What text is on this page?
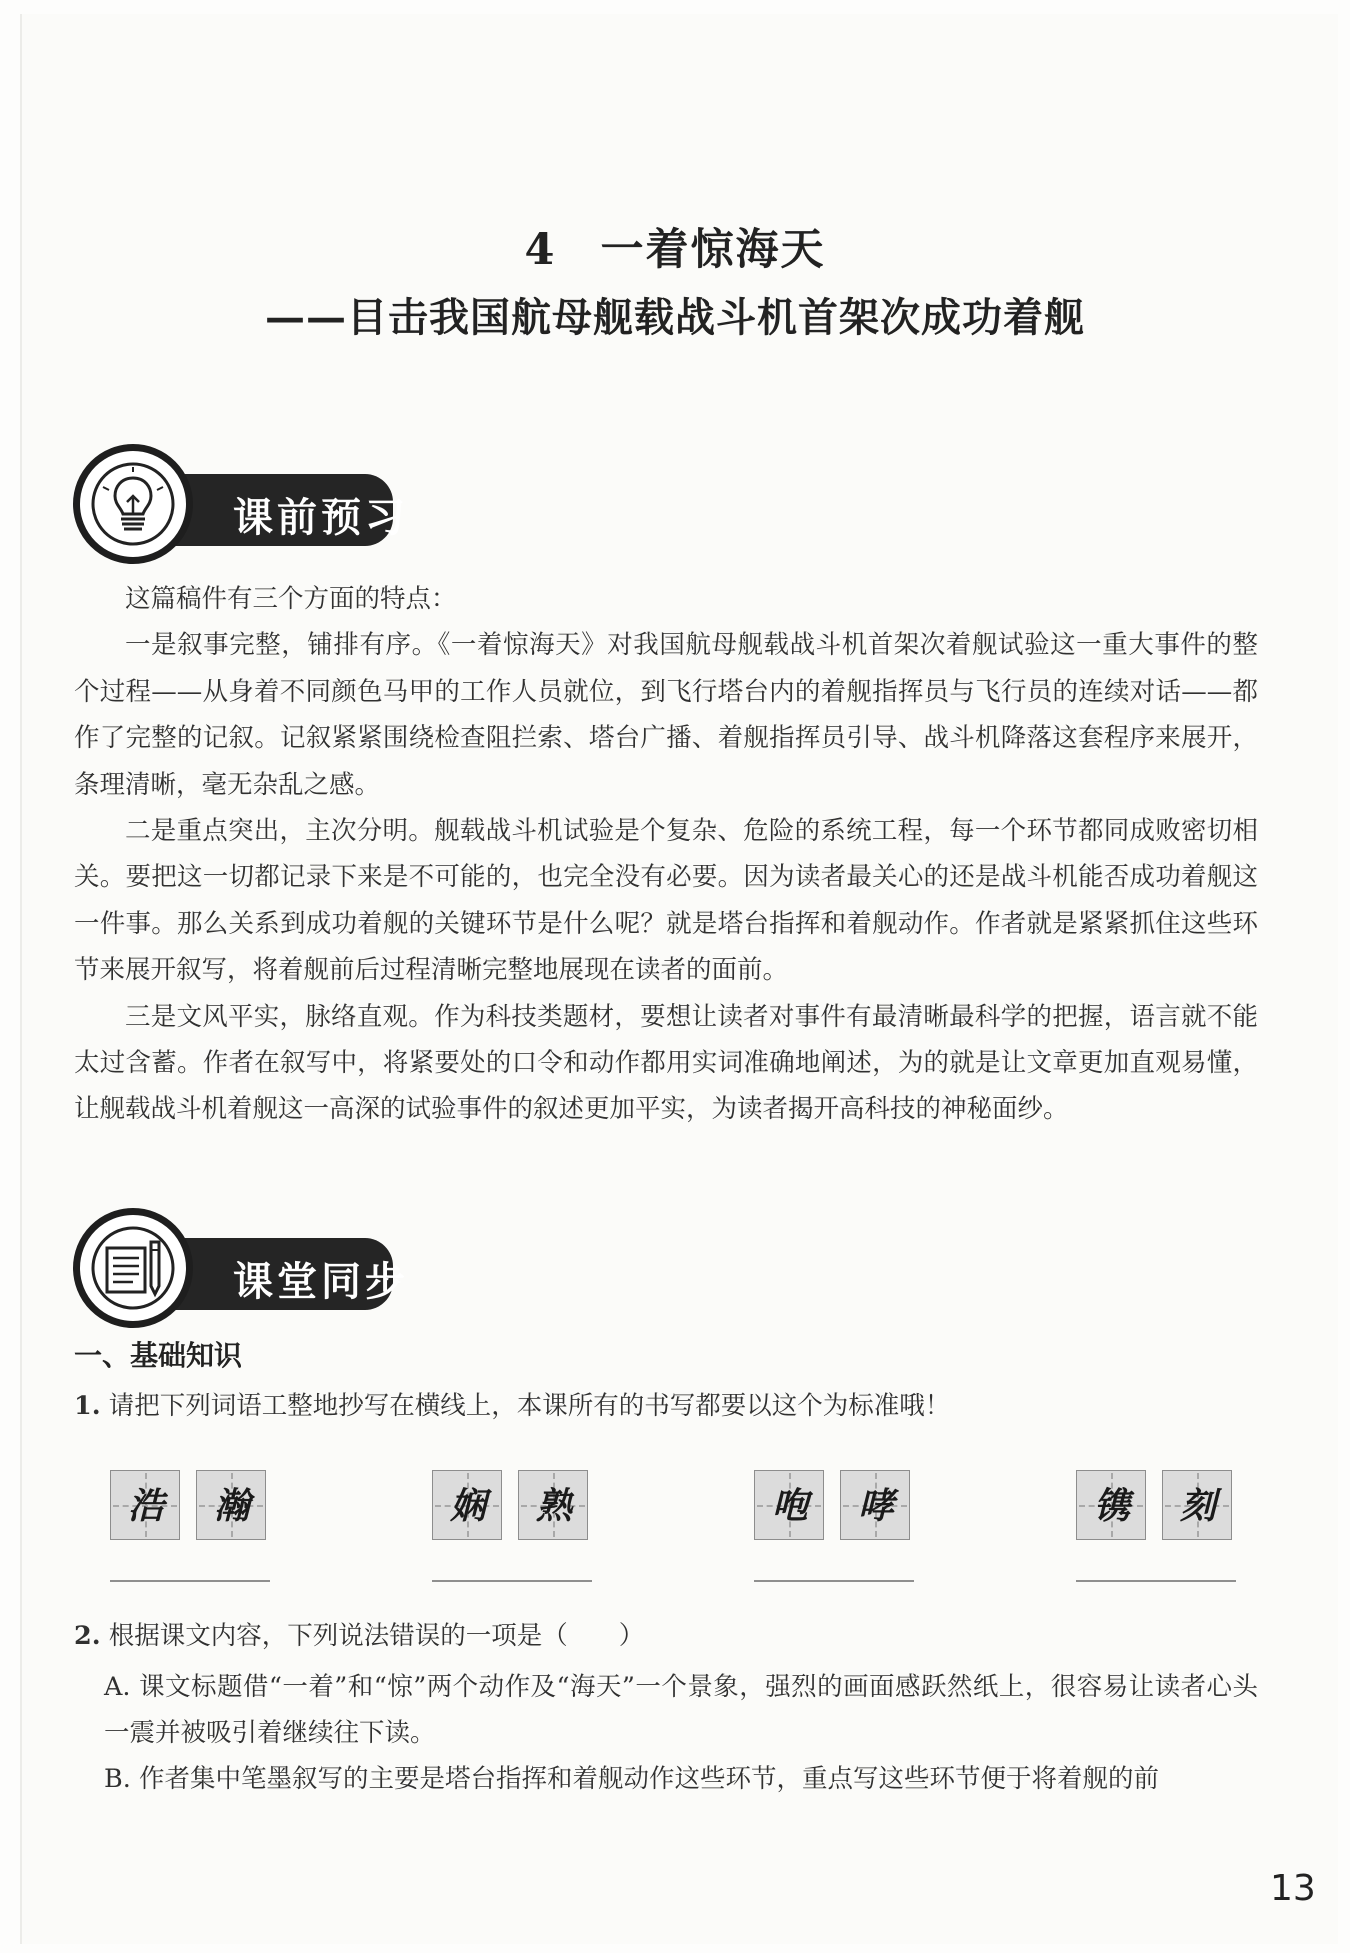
4 一着惊海天
——目击我国航母舰载战斗机首架次成功着舰
课前预习

这篇稿件有三个方面的特点：

一是叙事完整，铺排有序。《一着惊海天》对我国航母舰载战斗机首架次着舰试验这一重大事件的整个过程——从身着不同颜色马甲的工作人员就位，到飞行塔台内的着舰指挥员与飞行员的连续对话——都作了完整的记叙。记叙紧紧围绕检查阻拦索、塔台广播、着舰指挥员引导、战斗机降落这套程序来展开，条理清晰，毫无杂乱之感。

二是重点突出，主次分明。舰载战斗机试验是个复杂、危险的系统工程，每一个环节都同成败密切相关。要把这一切都记录下来是不可能的，也完全没有必要。因为读者最关心的还是战斗机能否成功着舰这一件事。那么关系到成功着舰的关键环节是什么呢？就是塔台指挥和着舰动作。作者就是紧紧抓住这些环节来展开叙写，将着舰前后过程清晰完整地展现在读者的面前。

三是文风平实，脉络直观。作为科技类题材，要想让读者对事件有最清晰最科学的把握，语言就不能太过含蓄。作者在叙写中，将紧要处的口令和动作都用实词准确地阐述，为的就是让文章更加直观易懂，让舰载战斗机着舰这一高深的试验事件的叙述更加平实，为读者揭开高科技的神秘面纱。

课堂同步
一、基础知识
1. 请把下列词语工整地抄写在横线上，本课所有的书写都要以这个为标准哦！
浩	瀚	娴	熟	咆	哮	镌	刻
2. 根据课文内容，下列说法错误的一项是（　　）
A. 课文标题借“一着”和“惊”两个动作及“海天”一个景象，强烈的画面感跃然纸上，很容易让读者心头一震并被吸引着继续往下读。
B. 作者集中笔墨叙写的主要是塔台指挥和着舰动作这些环节，重点写这些环节便于将着舰的前
13
